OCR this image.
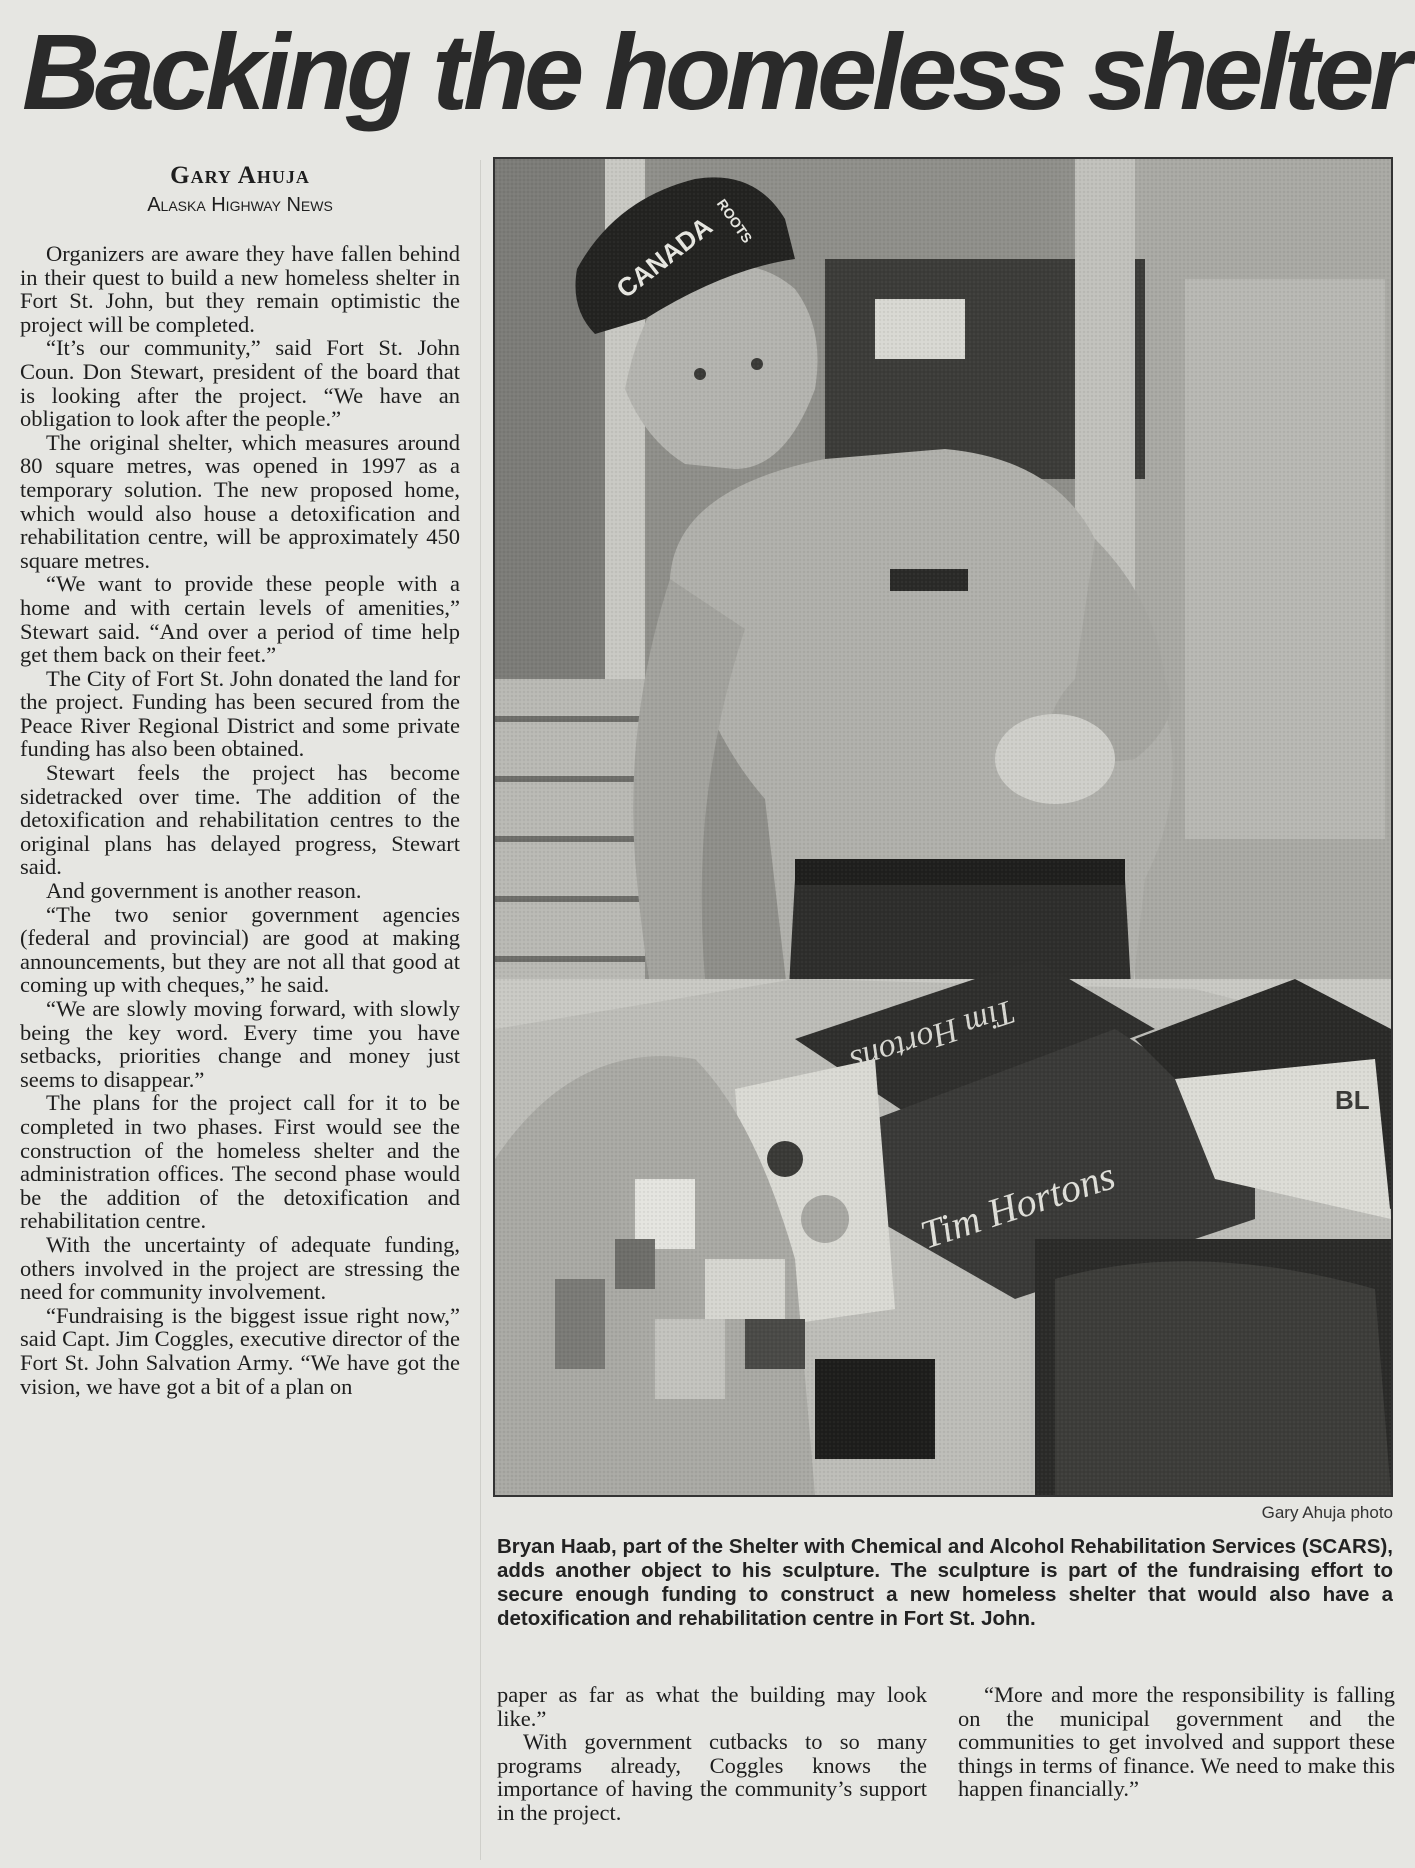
Backing the homeless shelter
Gary Ahuja
Alaska Highway News

Organizers are aware they have fallen behind in their quest to build a new homeless shelter in Fort St. John, but they remain optimistic the project will be completed.

“It’s our community,” said Fort St. John Coun. Don Stewart, president of the board that is looking after the project. “We have an obligation to look after the people.”

The original shelter, which measures around 80 square metres, was opened in 1997 as a temporary solution. The new proposed home, which would also house a detoxification and rehabilitation centre, will be approximately 450 square metres.

“We want to provide these people with a home and with certain levels of amenities,” Stewart said. “And over a period of time help get them back on their feet.”

The City of Fort St. John donated the land for the project. Funding has been secured from the Peace River Regional District and some private funding has also been obtained.

Stewart feels the project has become sidetracked over time. The addition of the detoxification and rehabilitation centres to the original plans has delayed progress, Stewart said.

And government is another reason.

“The two senior government agencies (federal and provincial) are good at making announcements, but they are not all that good at coming up with cheques,” he said.

“We are slowly moving forward, with slowly being the key word. Every time you have setbacks, priorities change and money just seems to disappear.”

The plans for the project call for it to be completed in two phases. First would see the construction of the homeless shelter and the administration offices. The second phase would be the addition of the detoxification and rehabilitation centre.

With the uncertainty of adequate funding, others involved in the project are stressing the need for community involvement.

“Fundraising is the biggest issue right now,” said Capt. Jim Coggles, executive director of the Fort St. John Salvation Army. “We have got the vision, we have got a bit of a plan on

Gary Ahuja photo
Bryan Haab, part of the Shelter with Chemical and Alcohol Rehabilitation Services (SCARS), adds another object to his sculpture. The sculpture is part of the fundraising effort to secure enough funding to construct a new homeless shelter that would also have a detoxification and rehabilitation centre in Fort St. John.

paper as far as what the building may look like.”

With government cutbacks to so many programs already, Coggles knows the importance of having the community’s support in the project.

“More and more the responsibility is falling on the municipal government and the communities to get involved and support these things in terms of finance. We need to make this happen financially.”
